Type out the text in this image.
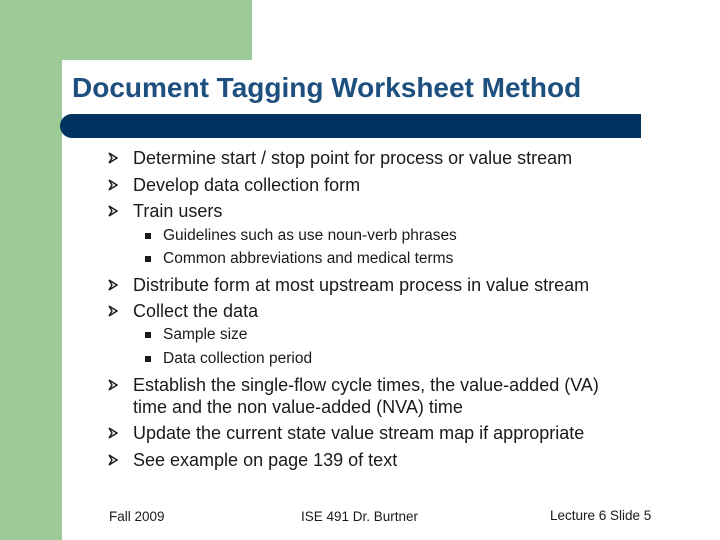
Document Tagging Worksheet Method
Determine start / stop point for process or value stream
Develop data collection form
Train users
Guidelines such as use noun-verb phrases
Common abbreviations and medical terms
Distribute form at most upstream process in value stream
Collect the data
Sample size
Data collection period
Establish the single-flow cycle times, the value-added (VA)
time and the non value-added (NVA) time
Update the current state value stream map if appropriate
See example on page 139 of text
Fall 2009	ISE 491 Dr. Burtner	Lecture 6 Slide 5
